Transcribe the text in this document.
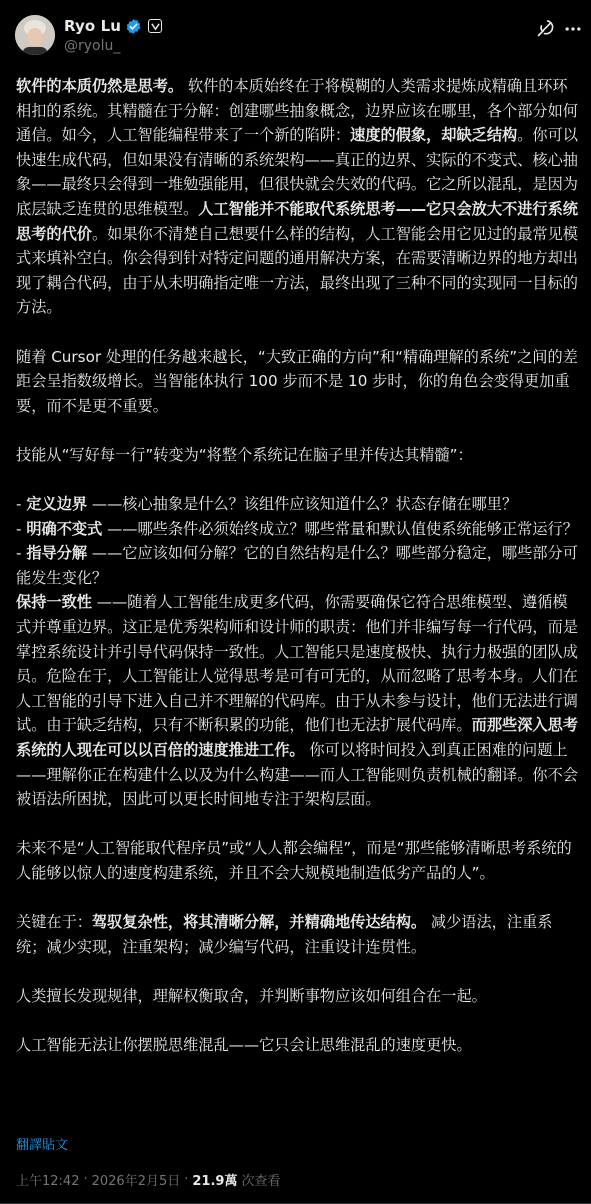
Ryo Lu
@ryolu_

软件的本质仍然是思考。 软件的本质始终在于将模糊的人类需求提炼成精确且环环相扣的系统。其精髓在于分解：创建哪些抽象概念，边界应该在哪里，各个部分如何通信。如今，人工智能编程带来了一个新的陷阱：速度的假象，却缺乏结构。你可以快速生成代码，但如果没有清晰的系统架构——真正的边界、实际的不变式、核心抽象——最终只会得到一堆勉强能用，但很快就会失效的代码。它之所以混乱，是因为底层缺乏连贯的思维模型。人工智能并不能取代系统思考——它只会放大不进行系统思考的代价。如果你不清楚自己想要什么样的结构，人工智能会用它见过的最常见模式来填补空白。你会得到针对特定问题的通用解决方案，在需要清晰边界的地方却出现了耦合代码，由于从未明确指定唯一方法，最终出现了三种不同的实现同一目标的方法。

随着 Cursor 处理的任务越来越长，“大致正确的方向”和“精确理解的系统”之间的差距会呈指数级增长。当智能体执行 100 步而不是 10 步时，你的角色会变得更加重要，而不是更不重要。

技能从“写好每一行”转变为“将整个系统记在脑子里并传达其精髓”：

- 定义边界 ——核心抽象是什么？该组件应该知道什么？状态存储在哪里？

- 明确不变式 ——哪些条件必须始终成立？哪些常量和默认值使系统能够正常运行？

- 指导分解 ——它应该如何分解？它的自然结构是什么？哪些部分稳定，哪些部分可能发生变化？

保持一致性 ——随着人工智能生成更多代码，你需要确保它符合思维模型、遵循模式并尊重边界。这正是优秀架构师和设计师的职责：他们并非编写每一行代码，而是掌控系统设计并引导代码保持一致性。人工智能只是速度极快、执行力极强的团队成员。危险在于，人工智能让人觉得思考是可有可无的，从而忽略了思考本身。人们在人工智能的引导下进入自己并不理解的代码库。由于从未参与设计，他们无法进行调试。由于缺乏结构，只有不断积累的功能，他们也无法扩展代码库。而那些深入思考系统的人现在可以以百倍的速度推进工作。 你可以将时间投入到真正困难的问题上——理解你正在构建什么以及为什么构建——而人工智能则负责机械的翻译。你不会被语法所困扰，因此可以更长时间地专注于架构层面。

未来不是“人工智能取代程序员”或“人人都会编程”，而是“那些能够清晰思考系统的人能够以惊人的速度构建系统，并且不会大规模地制造低劣产品的人”。

关键在于：驾驭复杂性，将其清晰分解，并精确地传达结构。 减少语法，注重系统；减少实现，注重架构；减少编写代码，注重设计连贯性。

人类擅长发现规律，理解权衡取舍，并判断事物应该如何组合在一起。

人工智能无法让你摆脱思维混乱——它只会让思维混乱的速度更快。

翻譯貼文
上午12:42 · 2026年2月5日 · 21.9萬 次查看
